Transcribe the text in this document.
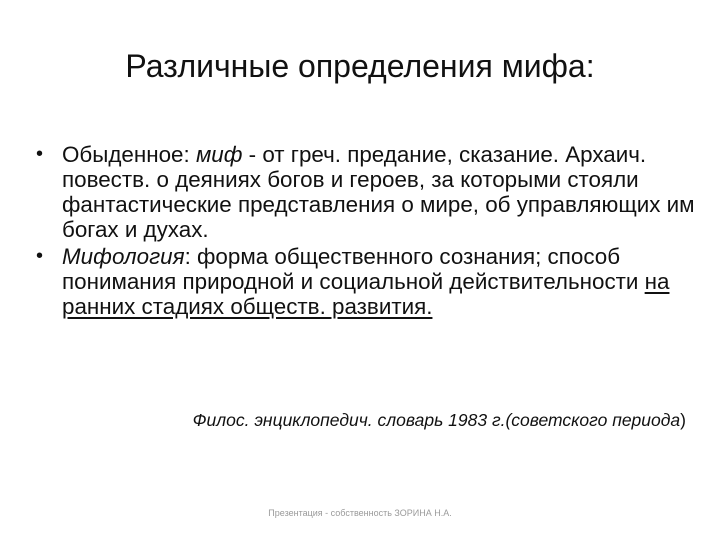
Различные определения мифа:
• Обыденное: миф - от греч. предание, сказание. Архаич. повеств. о деяниях богов и героев, за которыми стояли фантастические представления о мире, об управляющих им богах и духах.
• Мифология: форма общественного сознания; способ понимания природной и социальной действительности на ранних стадиях обществ. развития.
Филос. энциклопедич. словарь 1983 г.(советского периода)
Презентация - собственность ЗОРИНА Н.А.
